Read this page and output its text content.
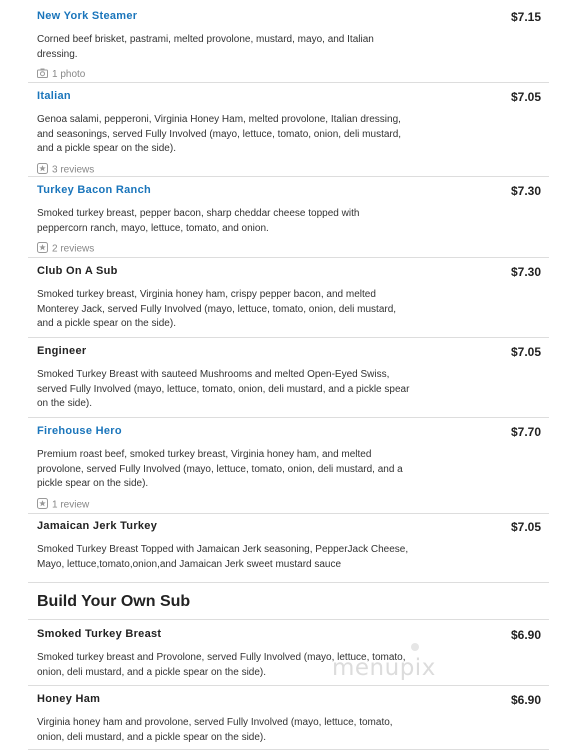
New York Steamer	$7.15
Corned beef brisket, pastrami, melted provolone, mustard, mayo, and Italian
dressing.
1 photo
Italian	$7.05
Genoa salami, pepperoni, Virginia Honey Ham, melted provolone, Italian dressing,
and seasonings, served Fully Involved (mayo, lettuce, tomato, onion, deli mustard,
and a pickle spear on the side).
3 reviews
Turkey Bacon Ranch	$7.30
Smoked turkey breast, pepper bacon, sharp cheddar cheese topped with
peppercorn ranch, mayo, lettuce, tomato, and onion.
2 reviews
Club On A Sub	$7.30
Smoked turkey breast, Virginia honey ham, crispy pepper bacon, and melted
Monterey Jack, served Fully Involved (mayo, lettuce, tomato, onion, deli mustard,
and a pickle spear on the side).
Engineer	$7.05
Smoked Turkey Breast with sauteed Mushrooms and melted Open-Eyed Swiss,
served Fully Involved (mayo, lettuce, tomato, onion, deli mustard, and a pickle spear
on the side).
Firehouse Hero	$7.70
Premium roast beef, smoked turkey breast, Virginia honey ham, and melted
provolone, served Fully Involved (mayo, lettuce, tomato, onion, deli mustard, and a
pickle spear on the side).
1 review
Jamaican Jerk Turkey	$7.05
Smoked Turkey Breast Topped with Jamaican Jerk seasoning, PepperJack Cheese,
Mayo, lettuce,tomato,onion,and Jamaican Jerk sweet mustard sauce
Smoked Turkey Breast	$6.90
Smoked turkey breast and Provolone, served Fully Involved (mayo, lettuce, tomato,
onion, deli mustard, and a pickle spear on the side).
Honey Ham	$6.90
Virginia honey ham and provolone, served Fully Involved (mayo, lettuce, tomato,
onion, deli mustard, and a pickle spear on the side).
Build Your Own Sub
menupix
